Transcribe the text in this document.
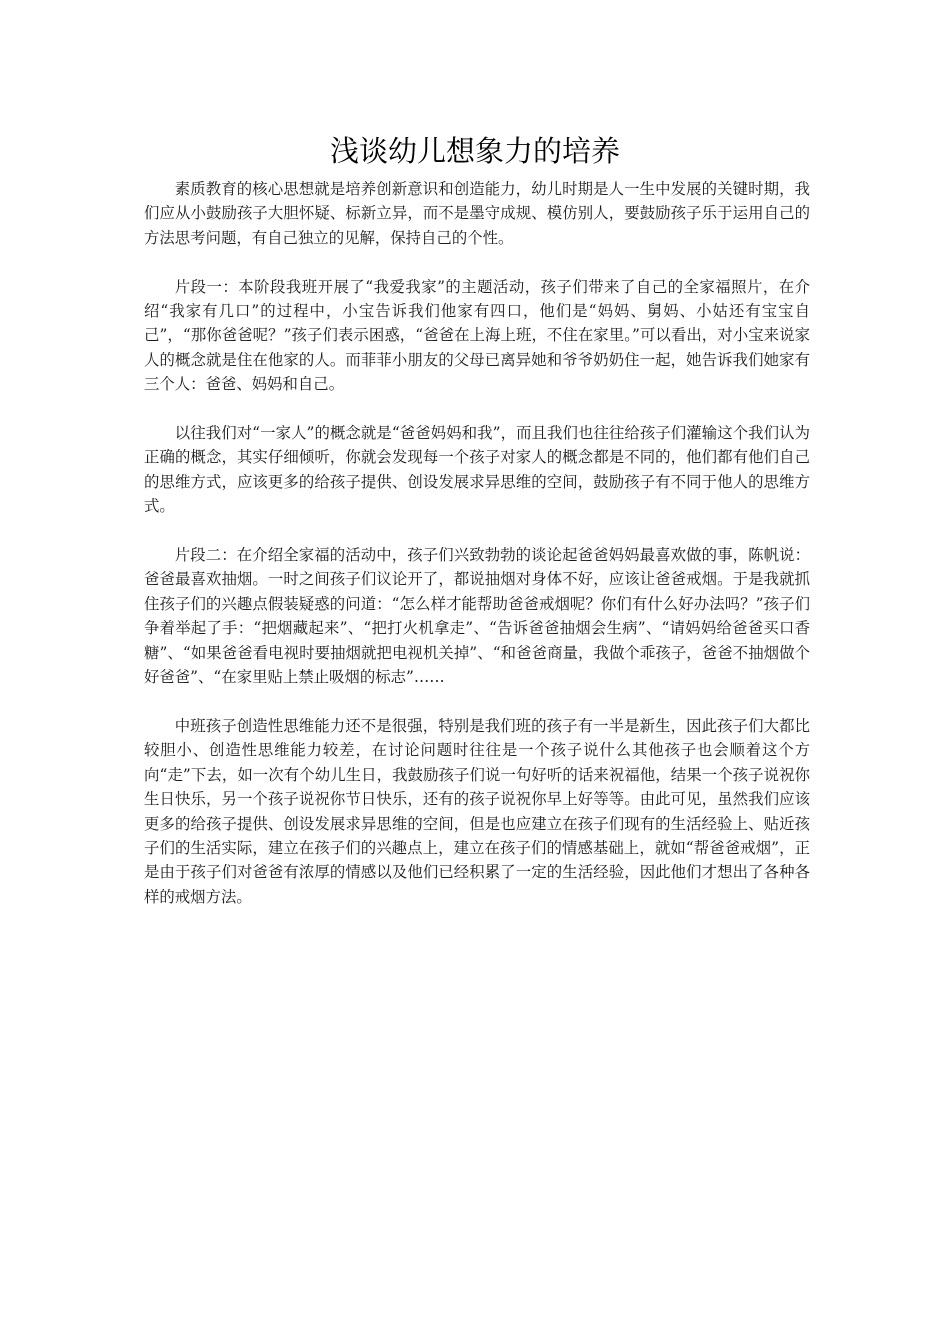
浅谈幼儿想象力的培养

素质教育的核心思想就是培养创新意识和创造能力，幼儿时期是人一生中发展的关键时期，我们应从小鼓励孩子大胆怀疑、标新立异，而不是墨守成规、模仿别人，要鼓励孩子乐于运用自己的方法思考问题，有自己独立的见解，保持自己的个性。

片段一：本阶段我班开展了“我爱我家”的主题活动，孩子们带来了自己的全家福照片，在介绍“我家有几口”的过程中，小宝告诉我们他家有四口，他们是“妈妈、舅妈、小姑还有宝宝自己”，“那你爸爸呢？”孩子们表示困惑，“爸爸在上海上班，不住在家里。”可以看出，对小宝来说家人的概念就是住在他家的人。而菲菲小朋友的父母已离异她和爷爷奶奶住一起，她告诉我们她家有三个人：爸爸、妈妈和自己。

以往我们对“一家人”的概念就是“爸爸妈妈和我”，而且我们也往往给孩子们灌输这个我们认为正确的概念，其实仔细倾听，你就会发现每一个孩子对家人的概念都是不同的，他们都有他们自己的思维方式，应该更多的给孩子提供、创设发展求异思维的空间，鼓励孩子有不同于他人的思维方式。

片段二：在介绍全家福的活动中，孩子们兴致勃勃的谈论起爸爸妈妈最喜欢做的事，陈帆说：爸爸最喜欢抽烟。一时之间孩子们议论开了，都说抽烟对身体不好，应该让爸爸戒烟。于是我就抓住孩子们的兴趣点假装疑惑的问道：“怎么样才能帮助爸爸戒烟呢？你们有什么好办法吗？”孩子们争着举起了手：“把烟藏起来”、“把打火机拿走”、“告诉爸爸抽烟会生病”、“请妈妈给爸爸买口香糖”、“如果爸爸看电视时要抽烟就把电视机关掉”、“和爸爸商量，我做个乖孩子，爸爸不抽烟做个好爸爸”、“在家里贴上禁止吸烟的标志”……

中班孩子创造性思维能力还不是很强，特别是我们班的孩子有一半是新生，因此孩子们大都比较胆小、创造性思维能力较差，在讨论问题时往往是一个孩子说什么其他孩子也会顺着这个方向“走”下去，如一次有个幼儿生日，我鼓励孩子们说一句好听的话来祝福他，结果一个孩子说祝你生日快乐，另一个孩子说祝你节日快乐，还有的孩子说祝你早上好等等。由此可见，虽然我们应该更多的给孩子提供、创设发展求异思维的空间，但是也应建立在孩子们现有的生活经验上、贴近孩子们的生活实际，建立在孩子们的兴趣点上，建立在孩子们的情感基础上，就如“帮爸爸戒烟”，正是由于孩子们对爸爸有浓厚的情感以及他们已经积累了一定的生活经验，因此他们才想出了各种各样的戒烟方法。
